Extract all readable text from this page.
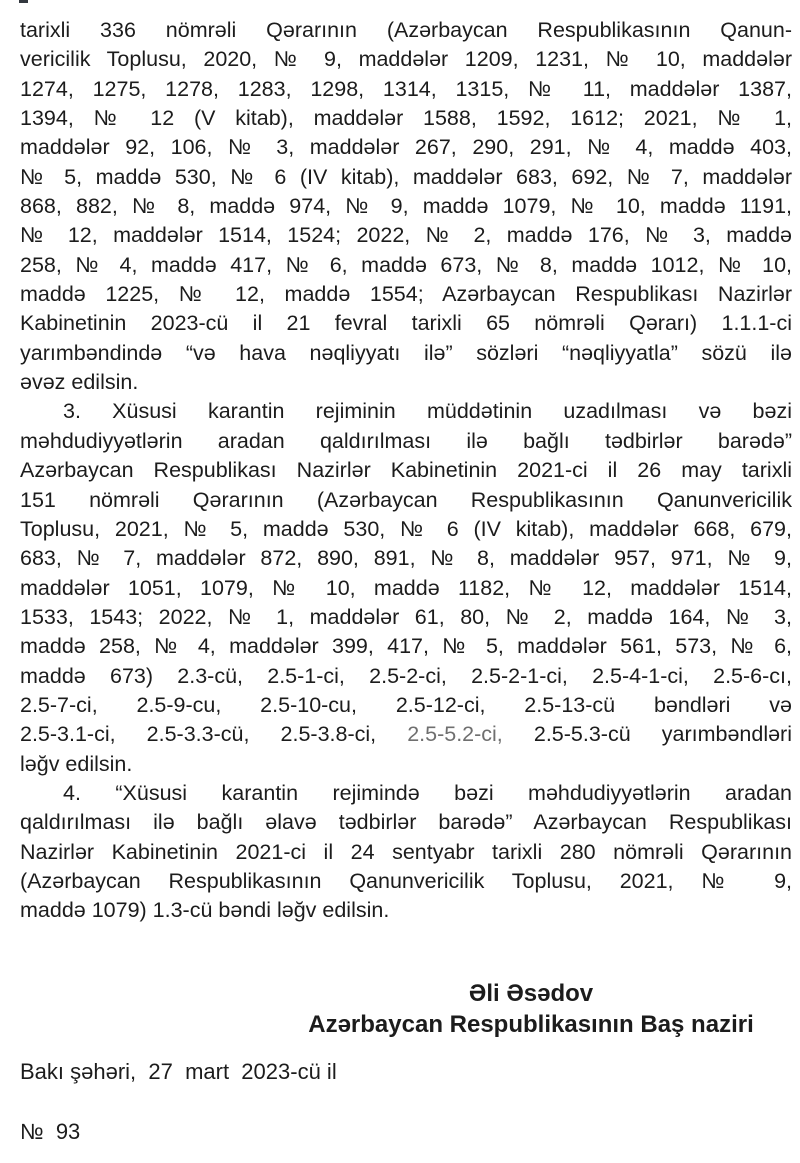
tarixli 336 nömrəli Qərarının (Azərbaycan Respublikasının Qanun-
vericilik Toplusu, 2020, № 9, maddələr 1209, 1231, № 10, maddələr
1274, 1275, 1278, 1283, 1298, 1314, 1315, № 11, maddələr 1387,
1394, № 12 (V kitab), maddələr 1588, 1592, 1612; 2021, № 1,
maddələr 92, 106, № 3, maddələr 267, 290, 291, № 4, maddə 403,
№ 5, maddə 530, № 6 (IV kitab), maddələr 683, 692, № 7, maddələr
868, 882, № 8, maddə 974, № 9, maddə 1079, № 10, maddə 1191,
№ 12, maddələr 1514, 1524; 2022, № 2, maddə 176, № 3, maddə
258, № 4, maddə 417, № 6, maddə 673, № 8, maddə 1012, № 10,
maddə 1225, № 12, maddə 1554; Azərbaycan Respublikası Nazirlər
Kabinetinin 2023-cü il 21 fevral tarixli 65 nömrəli Qərarı) 1.1.1-ci
yarımbəndində “və hava nəqliyyatı ilə” sözləri “nəqliyyatla” sözü ilə
əvəz edilsin.
3. Xüsusi karantin rejiminin müddətinin uzadılması və bəzi
məhdudiyyətlərin aradan qaldırılması ilə bağlı tədbirlər barədə”
Azərbaycan Respublikası Nazirlər Kabinetinin 2021-ci il 26 may tarixli
151 nömrəli Qərarının (Azərbaycan Respublikasının Qanunvericilik
Toplusu, 2021, № 5, maddə 530, № 6 (IV kitab), maddələr 668, 679,
683, № 7, maddələr 872, 890, 891, № 8, maddələr 957, 971, № 9,
maddələr 1051, 1079, № 10, maddə 1182, № 12, maddələr 1514,
1533, 1543; 2022, № 1, maddələr 61, 80, № 2, maddə 164, № 3,
maddə 258, № 4, maddələr 399, 417, № 5, maddələr 561, 573, № 6,
maddə 673) 2.3-cü, 2.5-1-ci, 2.5-2-ci, 2.5-2-1-ci, 2.5-4-1-ci, 2.5-6-cı,
2.5-7-ci, 2.5-9-cu, 2.5-10-cu, 2.5-12-ci, 2.5-13-cü bəndləri və
2.5-3.1-ci, 2.5-3.3-cü, 2.5-3.8-ci, 2.5-5.2-ci, 2.5-5.3-cü yarımbəndləri
ləğv edilsin.
4. “Xüsusi karantin rejimində bəzi məhdudiyyətlərin aradan
qaldırılması ilə bağlı əlavə tədbirlər barədə” Azərbaycan Respublikası
Nazirlər Kabinetinin 2021-ci il 24 sentyabr tarixli 280 nömrəli Qərarının
(Azərbaycan Respublikasının Qanunvericilik Toplusu, 2021, № 9,
maddə 1079) 1.3-cü bəndi ləğv edilsin.
Əli Əsədov
Azərbaycan Respublikasının Baş naziri
Bakı şəhəri,  27  mart  2023-cü il
№  93
